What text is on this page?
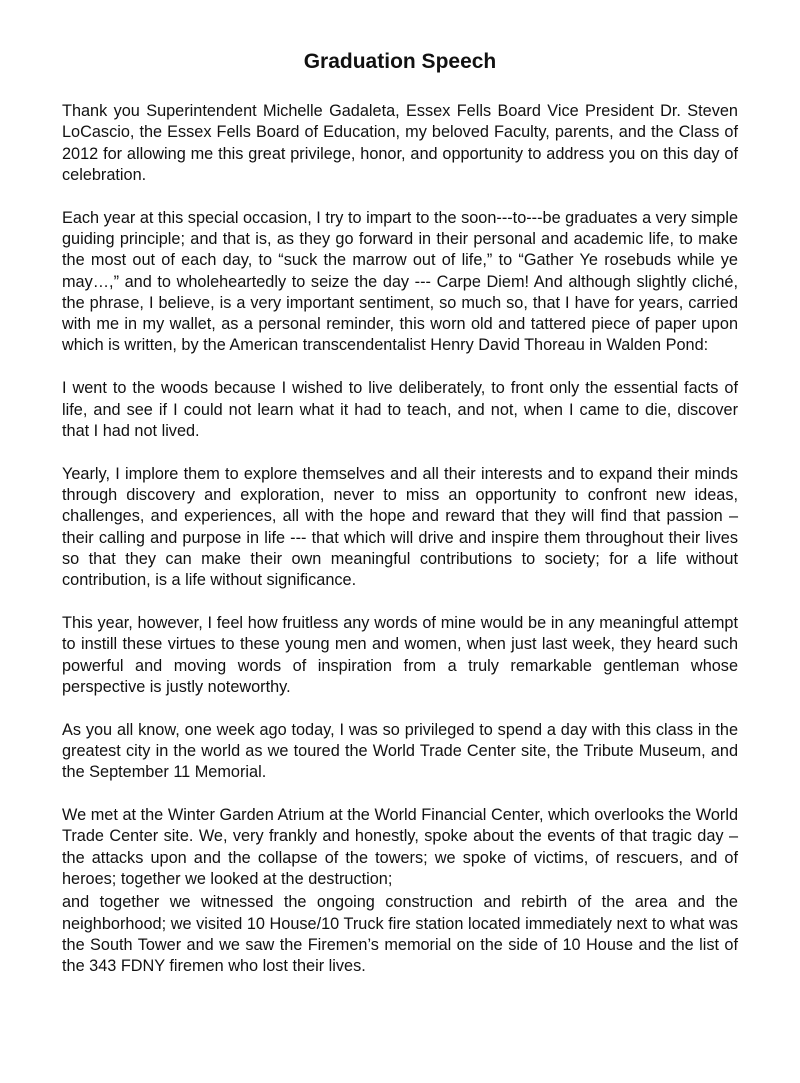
Graduation Speech

Thank you Superintendent Michelle Gadaleta, Essex Fells Board Vice President Dr. Steven LoCascio, the Essex Fells Board of Education, my beloved Faculty, parents, and the Class of 2012 for allowing me this great privilege, honor, and opportunity to address you on this day of celebration.

Each year at this special occasion, I try to impart to the soon---to---be graduates a very simple guiding principle; and that is, as they go forward in their personal and academic life, to make the most out of each day, to “suck the marrow out of life,” to “Gather Ye rosebuds while ye may…,” and to wholeheartedly to seize the day --- Carpe Diem! And although slightly cliché, the phrase, I believe, is a very important sentiment, so much so, that I have for years, carried with me in my wallet, as a personal reminder, this worn old and tattered piece of paper upon which is written, by the American transcendentalist Henry David Thoreau in Walden Pond:

I went to the woods because I wished to live deliberately, to front only the essential facts of life, and see if I could not learn what it had to teach, and not, when I came to die, discover that I had not lived.

Yearly, I implore them to explore themselves and all their interests and to expand their minds through discovery and exploration, never to miss an opportunity to confront new ideas, challenges, and experiences, all with the hope and reward that they will find that passion – their calling and purpose in life --- that which will drive and inspire them throughout their lives so that they can make their own meaningful contributions to society; for a life without contribution, is a life without significance.

This year, however, I feel how fruitless any words of mine would be in any meaningful attempt to instill these virtues to these young men and women, when just last week, they heard such powerful and moving words of inspiration from a truly remarkable gentleman whose perspective is justly noteworthy.

As you all know, one week ago today, I was so privileged to spend a day with this class in the greatest city in the world as we toured the World Trade Center site, the Tribute Museum, and the September 11 Memorial.

We met at the Winter Garden Atrium at the World Financial Center, which overlooks the World Trade Center site. We, very frankly and honestly, spoke about the events of that tragic day – the attacks upon and the collapse of the towers; we spoke of victims, of rescuers, and of heroes; together we looked at the destruction;

and together we witnessed the ongoing construction and rebirth of the area and the neighborhood; we visited 10 House/10 Truck fire station located immediately next to what was the South Tower and we saw the Firemen’s memorial on the side of 10 House and the list of the 343 FDNY firemen who lost their lives.
